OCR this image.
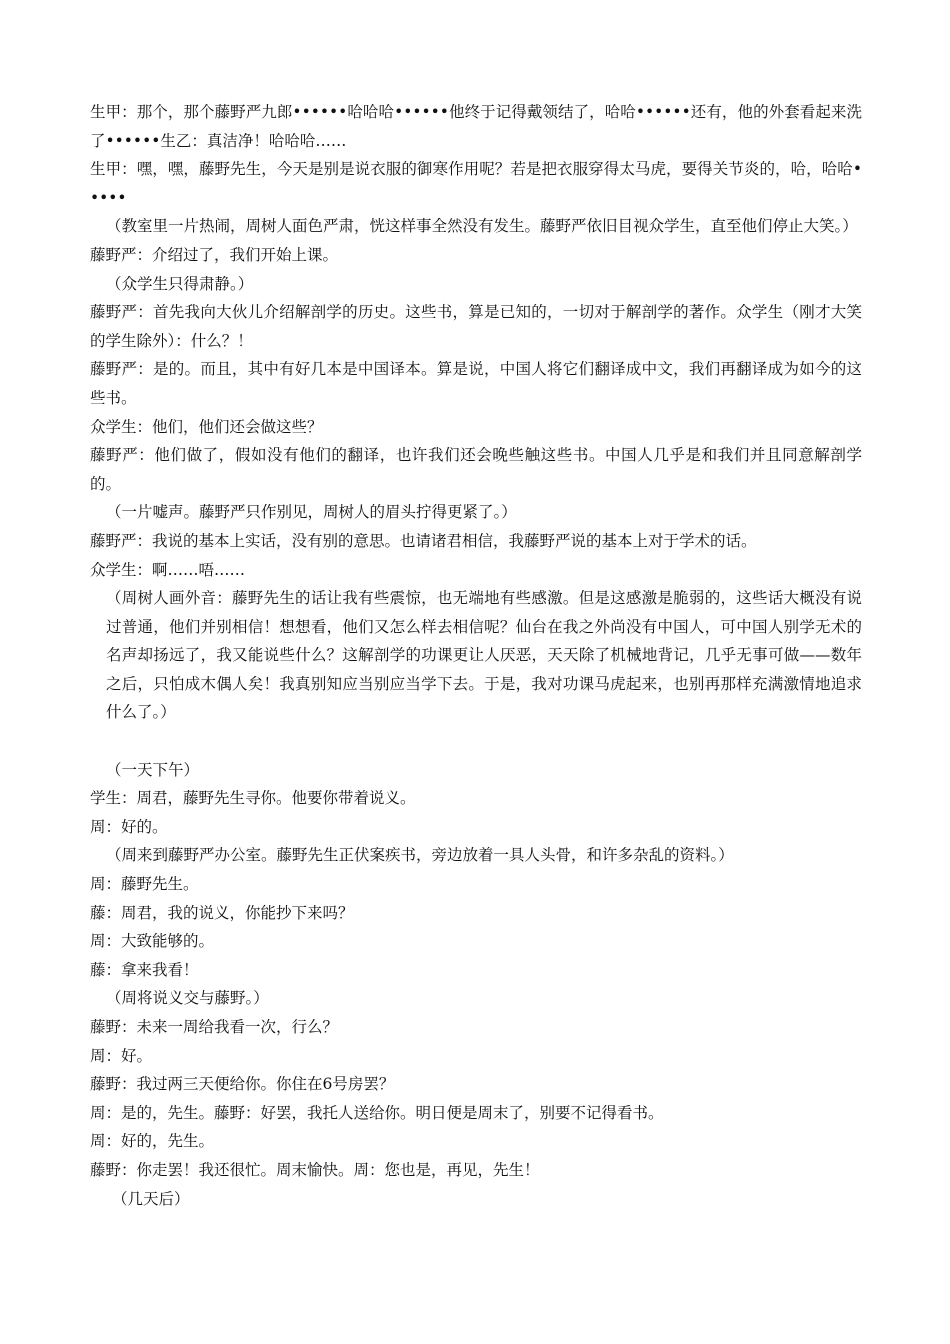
生甲：那个，那个藤野严九郎••••••哈哈哈••••••他终于记得戴领结了，哈哈••••••还有，他的外套看起来洗了••••••生乙：真洁净！哈哈哈……

生甲：嘿，嘿，藤野先生，今天是别是说衣服的御寒作用呢？若是把衣服穿得太马虎，要得关节炎的，哈，哈哈•••••

（教室里一片热闹，周树人面色严肃，恍这样事全然没有发生。藤野严依旧目视众学生，直至他们停止大笑。）

藤野严：介绍过了，我们开始上课。

（众学生只得肃静。）

藤野严：首先我向大伙儿介绍解剖学的历史。这些书，算是已知的，一切对于解剖学的著作。众学生（刚才大笑的学生除外）：什么？！

藤野严：是的。而且，其中有好几本是中国译本。算是说，中国人将它们翻译成中文，我们再翻译成为如今的这些书。

众学生：他们，他们还会做这些？

藤野严：他们做了，假如没有他们的翻译，也许我们还会晚些触这些书。中国人几乎是和我们并且同意解剖学的。

（一片嘘声。藤野严只作别见，周树人的眉头拧得更紧了。）

藤野严：我说的基本上实话，没有别的意思。也请诸君相信，我藤野严说的基本上对于学术的话。

众学生：啊……唔……

（周树人画外音：藤野先生的话让我有些震惊，也无端地有些感激。但是这感激是脆弱的，这些话大概没有说过普通，他们并别相信！想想看，他们又怎么样去相信呢？仙台在我之外尚没有中国人，可中国人别学无术的名声却扬远了，我又能说些什么？这解剖学的功课更让人厌恶，天天除了机械地背记，几乎无事可做——数年之后，只怕成木偶人矣！我真别知应当别应当学下去。于是，我对功课马虎起来，也别再那样充满激情地追求什么了。）

（一天下午）

学生：周君，藤野先生寻你。他要你带着说义。

周：好的。

（周来到藤野严办公室。藤野先生正伏案疾书，旁边放着一具人头骨，和许多杂乱的资料。）

周：藤野先生。

藤：周君，我的说义，你能抄下来吗？

周：大致能够的。

藤：拿来我看！

（周将说义交与藤野。）

藤野：未来一周给我看一次，行么？

周：好。

藤野：我过两三天便给你。你住在6号房罢？

周：是的，先生。藤野：好罢，我托人送给你。明日便是周末了，别要不记得看书。

周：好的，先生。

藤野：你走罢！我还很忙。周末愉快。周：您也是，再见，先生！

（几天后）
